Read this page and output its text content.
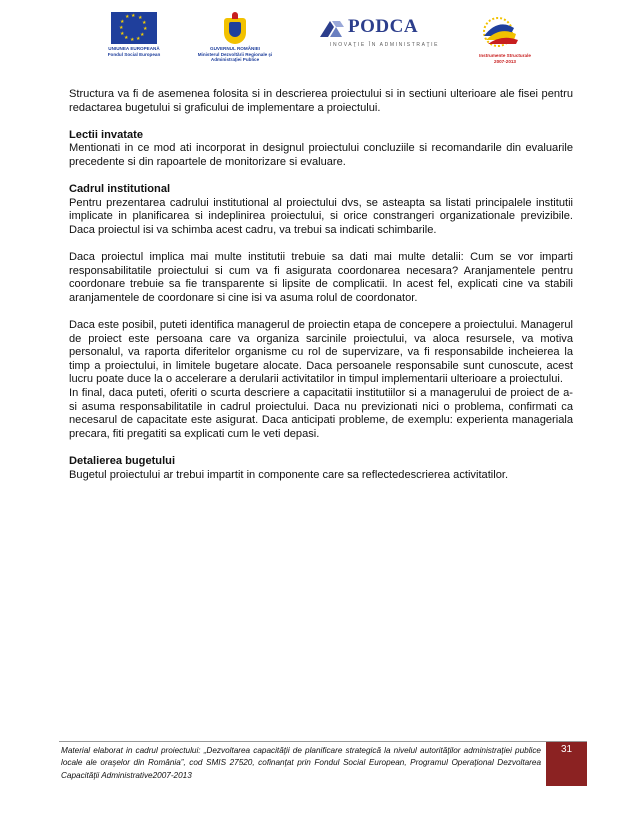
★ ★
★
★
★
★
★
★
★
★
★
★
UNIUNEA EUROPEANĂ
Fondul Social European
GUVERNUL ROMÂNIEI
Ministerul Dezvoltării Regionale şi
Administraţiei Publice
PODCA
INOVAŢIE ÎN ADMINISTRAŢIE
Instrumente Structurale
2007-2013

Structura va fi de asemenea folosita si in descrierea proiectului si in sectiuni ulterioare ale fisei pentru redactarea bugetului si graficului de implementare a proiectului.

Lectii invatate

Mentionati in ce mod ati incorporat in designul proiectului concluziile si recomandarile din evaluarile precedente si din rapoartele de monitorizare si evaluare.

Cadrul institutional

Pentru prezentarea cadrului institutional al proiectului dvs, se asteapta sa listati principalele institutii implicate in planificarea si indeplinirea proiectului, si orice constrangeri organizationale previzibile. Daca proiectul isi va schimba acest cadru, va trebui sa indicati schimbarile.

Daca proiectul implica mai multe institutii trebuie sa dati mai multe detalii: Cum se vor imparti responsabilitatile proiectului si cum va fi asigurata coordonarea necesara? Aranjamentele pentru coordonare trebuie sa fie transparente si lipsite de complicatii. In acest fel, explicati cine va stabili aranjamentele de coordonare si cine isi va asuma rolul de coordonator.

Daca este posibil, puteti identifica managerul de proiectin etapa de concepere a proiectului. Managerul de proiect este persoana care va organiza sarcinile proiectului, va aloca resursele, va motiva personalul, va raporta diferitelor organisme cu rol de supervizare, va fi responsabilde incheierea la timp a proiectului, in limitele bugetare alocate. Daca persoanele responsabile sunt cunoscute, acest lucru poate duce la o accelerare a derularii activitatilor in timpul implementarii ulterioare a proiectului.

In final, daca puteti, oferiti o scurta descriere a capacitatii institutiilor si a managerului de proiect de a-si asuma responsabilitatile in cadrul proiectului. Daca nu previzionati nici o problema, confirmati ca necesarul de capacitate este asigurat. Daca anticipati probleme, de exemplu: experienta manageriala precara, fiti pregatiti sa explicati cum le veti depasi.

Detalierea bugetului

Bugetul proiectului ar trebui impartit in componente care sa reflectedescrierea activitatilor.

Material elaborat in cadrul proiectului: „Dezvoltarea capacităţii de planificare strategică la nivelul autorităţilor administraţiei publice locale ale oraşelor din România”, cod SMIS 27520, cofinanţat prin Fondul Social European, Programul Operaţional Dezvoltarea Capacităţii Administrative2007-2013
31
